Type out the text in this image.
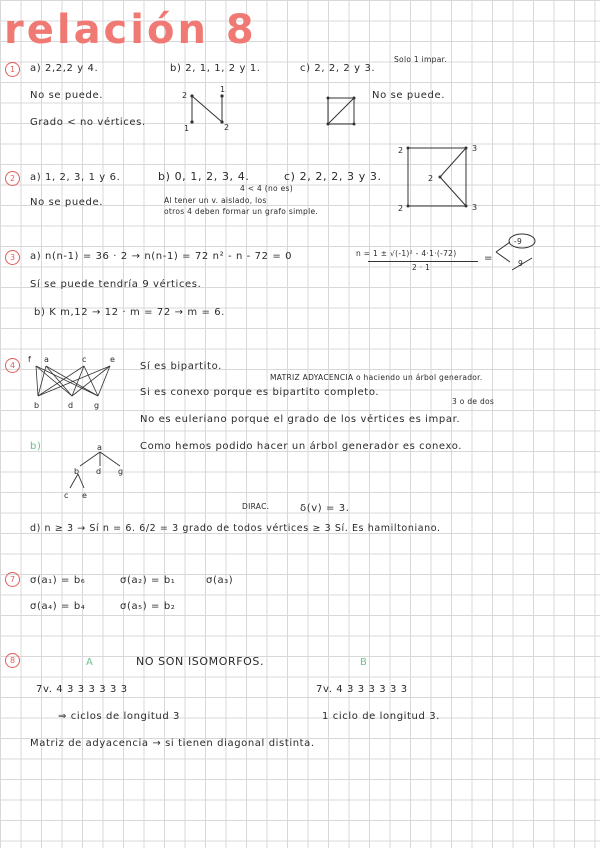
relación 8
1	a) 2,2,2 y 4.	b) 2, 1, 1, 2 y 1.	c) 2, 2, 2 y 3.
Solo 1 impar.
No se puede.
Grado < no vértices.
No se puede.
2
1
1	2
2	a) 1, 2, 3, 1 y 6.	b) 0, 1, 2, 3, 4.
4 < 4 (no es)
c) 2, 2, 2, 3 y 3.
No se puede.	Al tener un v. aislado, los
otros 4 deben formar un grafo simple.
2	3
2
2	3
3	a) n(n-1) = 36 · 2 → n(n-1) = 72 n² - n - 72 = 0	n = 1 ± √(-1)² - 4·1·(-72)
2 · 1
=
-9
9
Sí se puede tendría 9 vértices.
b) K m,12 → 12 · m = 72 → m = 6.
4
f a	c	e
b	d	g
Sí es bipartito.
MATRIZ ADYACENCIA o haciendo un árbol generador.
Si es conexo porque es bipartito completo.
3 o de dos
No es euleriano porque el grado de los vértices es impar.
b)	Como hemos podido hacer un árbol generador es conexo.
a
b d g
c e
DIRAC.	δ(v) = 3.
d) n ≥ 3 → Sí n = 6. 6/2 = 3 grado de todos vértices ≥ 3 Sí. Es hamiltoniano.
7	σ(a₁) = b₆	σ(a₂) = b₁	σ(a₃)
σ(a₄) = b₄	σ(a₅) = b₂
8	A	NO SON ISOMORFOS.	B
7v. 4 3 3 3 3 3 3	7v. 4 3 3 3 3 3 3
⇒ ciclos de longitud 3	1 ciclo de longitud 3.
Matriz de adyacencia → si tienen diagonal distinta.
